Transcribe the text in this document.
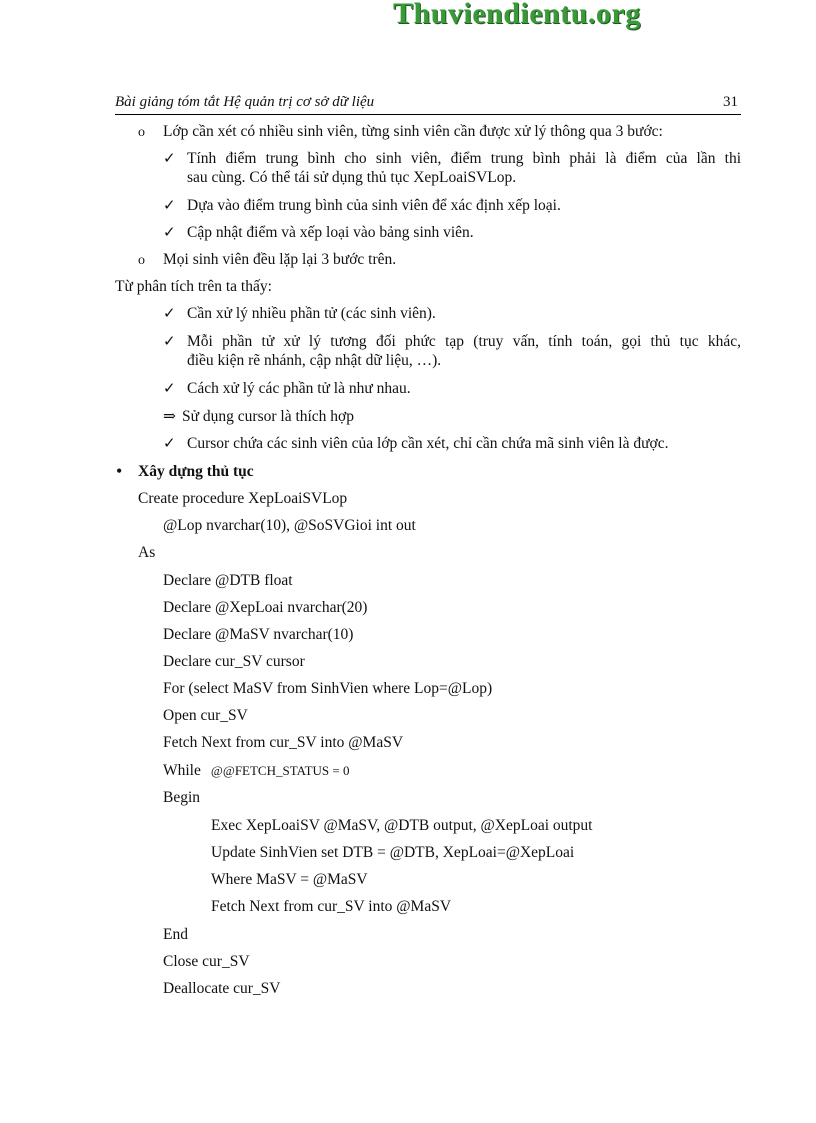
Thuviendientu.org
Bài giảng tóm tắt Hệ quản trị cơ sở dữ liệu	31
o Lớp cần xét có nhiều sinh viên, từng sinh viên cần được xử lý thông qua 3 bước:
✓ Tính điểm trung bình cho sinh viên, điểm trung bình phải là điểm của lần thi
sau cùng. Có thể tái sử dụng thủ tục XepLoaiSVLop.
✓ Dựa vào điểm trung bình của sinh viên để xác định xếp loại.
✓ Cập nhật điểm và xếp loại vào bảng sinh viên.
o Mọi sinh viên đều lặp lại 3 bước trên.
Từ phân tích trên ta thấy:
✓ Cần xử lý nhiều phần tử (các sinh viên).
✓ Mỗi phần tử xử lý tương đối phức tạp (truy vấn, tính toán, gọi thủ tục khác,
điều kiện rẽ nhánh, cập nhật dữ liệu, …).
✓ Cách xử lý các phần tử là như nhau.
⇒ Sử dụng cursor là thích hợp
✓ Cursor chứa các sinh viên của lớp cần xét, chỉ cần chứa mã sinh viên là được.
• Xây dựng thủ tục
Create procedure XepLoaiSVLop
@Lop nvarchar(10), @SoSVGioi int out
As
Declare @DTB float
Declare @XepLoai nvarchar(20)
Declare @MaSV nvarchar(10)
Declare cur_SV cursor
For (select MaSV from SinhVien where Lop=@Lop)
Open cur_SV
Fetch Next from cur_SV into @MaSV
While @@FETCH_STATUS = 0
Begin
Exec XepLoaiSV @MaSV, @DTB output, @XepLoai output
Update SinhVien set DTB = @DTB, XepLoai=@XepLoai
Where MaSV = @MaSV
Fetch Next from cur_SV into @MaSV
End
Close cur_SV
Deallocate cur_SV
